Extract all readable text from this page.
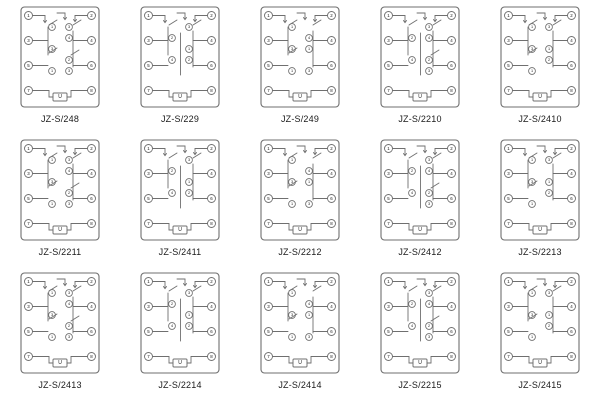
1	2
3	4
5	6
7	8
1	3
4
3
2
1	3
U
JZ-S/248
1	2
3	4
5	6
7	8
3
2
1
4	2
U
JZ-S/229
1	2
3	4
5	6
7	8
1
4
3	1
1	3
U
JZ-S/249
1	2
3	4
5	6
7	8
3
2	4
4	2
3
U
JZ-S/2210
1	2
3	4
5	6
7	8
1	3
3	1
2
1
U
JZ-S/2410
1	2
3	4
5	6
7	8
1	3
4
3
2
1	3
U
JZ-S/2211
1	2
3	4
5	6
7	8
3
2
1
4	2
U
JZ-S/2411
1	2
3	4
5	6
7	8
1
4
3	1
1	3
U
JZ-S/2212
1	2
3	4
5	6
7	8
3
2	4
4	2
3
U
JZ-S/2412
1	2
3	4
5	6
7	8
1	3
3	1
2
1
U
JZ-S/2213
1	2
3	4
5	6
7	8
1	3
4
3
2
1	3
U
JZ-S/2413
1	2
3	4
5	6
7	8
3
2
1
4	2
U
JZ-S/2214
1	2
3	4
5	6
7	8
1
4
3	1
1	3
U
JZ-S/2414
1	2
3	4
5	6
7	8
3
2	4
4	2
3
U
JZ-S/2215
1	2
3	4
5	6
7	8
1	3
3	1
2
1
U
JZ-S/2415
